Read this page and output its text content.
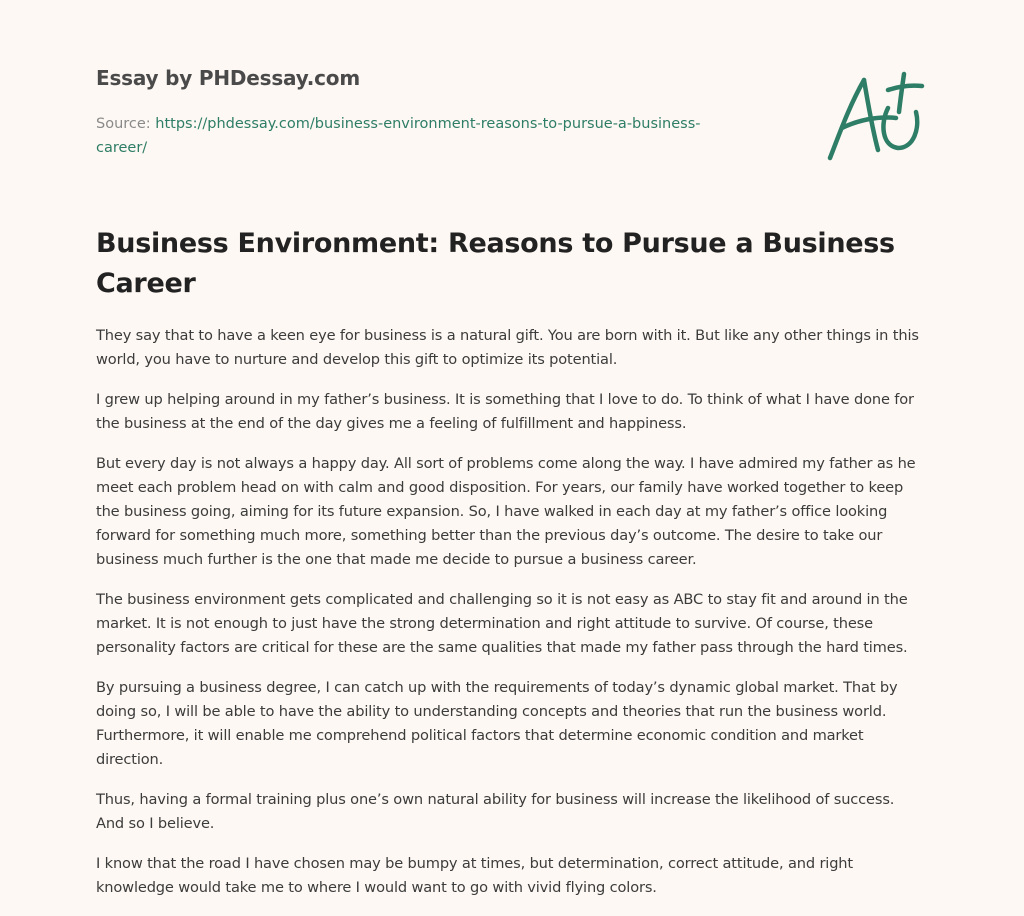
Essay by PHDessay.com
Source: https://phdessay.com/business-environment-reasons-to-pursue-a-business-
career/
Business Environment: Reasons to Pursue a Business Career

They say that to have a keen eye for business is a natural gift. You are born with it. But like any other things in this world, you have to nurture and develop this gift to optimize its potential.

I grew up helping around in my father’s business. It is something that I love to do. To think of what I have done for the business at the end of the day gives me a feeling of fulfillment and happiness.

But every day is not always a happy day. All sort of problems come along the way. I have admired my father as he meet each problem head on with calm and good disposition. For years, our family have worked together to keep the business going, aiming for its future expansion. So, I have walked in each day at my father’s office looking forward for something much more, something better than the previous day’s outcome. The desire to take our business much further is the one that made me decide to pursue a business career.

The business environment gets complicated and challenging so it is not easy as ABC to stay fit and around in the market. It is not enough to just have the strong determination and right attitude to survive. Of course, these personality factors are critical for these are the same qualities that made my father pass through the hard times.

By pursuing a business degree, I can catch up with the requirements of today’s dynamic global market. That by doing so, I will be able to have the ability to understanding concepts and theories that run the business world. Furthermore, it will enable me comprehend political factors that determine economic condition and market direction.

Thus, having a formal training plus one’s own natural ability for business will increase the likelihood of success. And so I believe.

I know that the road I have chosen may be bumpy at times, but determination, correct attitude, and right knowledge would take me to where I would want to go with vivid flying colors.
